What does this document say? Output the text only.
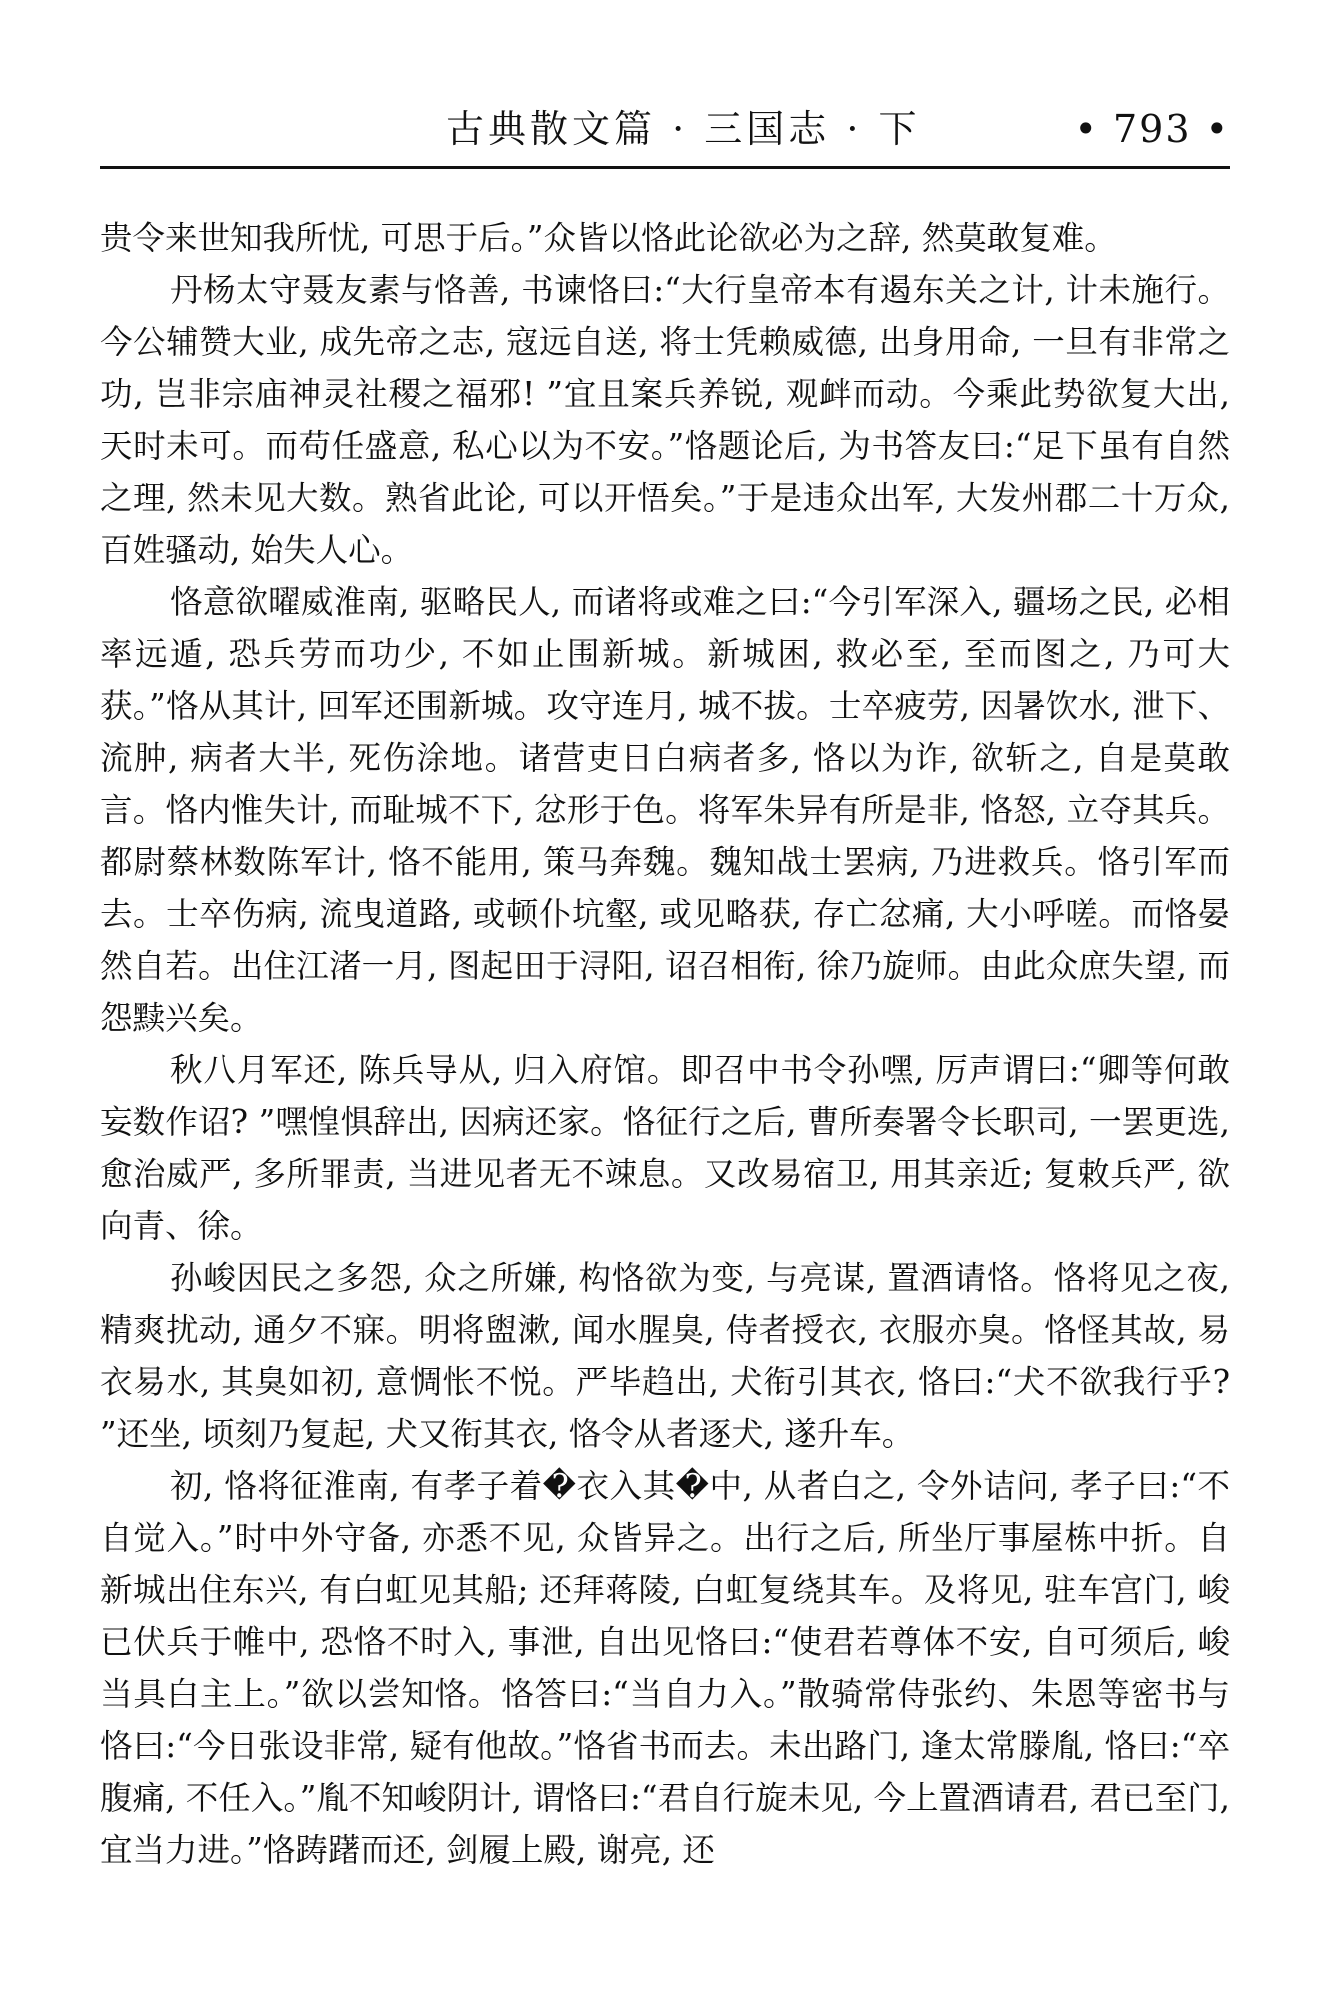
古典散文篇 · 三国志 · 下	• 793 •

贵令来世知我所忧, 可思于后。”众皆以恪此论欲必为之辞, 然莫敢复难。

丹杨太守聂友素与恪善, 书谏恪曰:“大行皇帝本有遏东关之计, 计未施行。今公辅赞大业, 成先帝之志, 寇远自送, 将士凭赖威德, 出身用命, 一旦有非常之功, 岂非宗庙神灵社稷之福邪! ”宜且案兵养锐, 观衅而动。今乘此势欲复大出, 天时未可。而苟任盛意, 私心以为不安。”恪题论后, 为书答友曰:“足下虽有自然之理, 然未见大数。熟省此论, 可以开悟矣。”于是违众出军, 大发州郡二十万众, 百姓骚动, 始失人心。

恪意欲曜威淮南, 驱略民人, 而诸将或难之曰:“今引军深入, 疆场之民, 必相率远遁, 恐兵劳而功少, 不如止围新城。新城困, 救必至, 至而图之, 乃可大获。”恪从其计, 回军还围新城。攻守连月, 城不拔。士卒疲劳, 因暑饮水, 泄下、流肿, 病者大半, 死伤涂地。诸营吏日白病者多, 恪以为诈, 欲斩之, 自是莫敢言。恪内惟失计, 而耻城不下, 忿形于色。将军朱异有所是非, 恪怒, 立夺其兵。都尉蔡林数陈军计, 恪不能用, 策马奔魏。魏知战士罢病, 乃进救兵。恪引军而去。士卒伤病, 流曳道路, 或顿仆坑壑, 或见略获, 存亡忿痛, 大小呼嗟。而恪晏然自若。出住江渚一月, 图起田于浔阳, 诏召相衔, 徐乃旋师。由此众庶失望, 而怨黩兴矣。

秋八月军还, 陈兵导从, 归入府馆。即召中书令孙嘿, 厉声谓曰:“卿等何敢妄数作诏? ”嘿惶惧辞出, 因病还家。恪征行之后, 曹所奏署令长职司, 一罢更选, 愈治威严, 多所罪责, 当进见者无不竦息。又改易宿卫, 用其亲近; 复敕兵严, 欲向青、徐。

孙峻因民之多怨, 众之所嫌, 构恪欲为变, 与亮谋, 置酒请恪。恪将见之夜, 精爽扰动, 通夕不寐。明将盥漱, 闻水腥臭, 侍者授衣, 衣服亦臭。恪怪其故, 易衣易水, 其臭如初, 意惆怅不悦。严毕趋出, 犬衔引其衣, 恪曰:“犬不欲我行乎? ”还坐, 顷刻乃复起, 犬又衔其衣, 恪令从者逐犬, 遂升车。

初, 恪将征淮南, 有孝子着�衣入其�中, 从者白之, 令外诘问, 孝子曰:“不自觉入。”时中外守备, 亦悉不见, 众皆异之。出行之后, 所坐厅事屋栋中折。自新城出住东兴, 有白虹见其船; 还拜蒋陵, 白虹复绕其车。及将见, 驻车宫门, 峻已伏兵于帷中, 恐恪不时入, 事泄, 自出见恪曰:“使君若尊体不安, 自可须后, 峻当具白主上。”欲以尝知恪。恪答曰:“当自力入。”散骑常侍张约、朱恩等密书与恪曰:“今日张设非常, 疑有他故。”恪省书而去。未出路门, 逢太常滕胤, 恪曰:“卒腹痛, 不任入。”胤不知峻阴计, 谓恪曰:“君自行旋未见, 今上置酒请君, 君已至门, 宜当力进。”恪踌躇而还, 剑履上殿, 谢亮, 还
